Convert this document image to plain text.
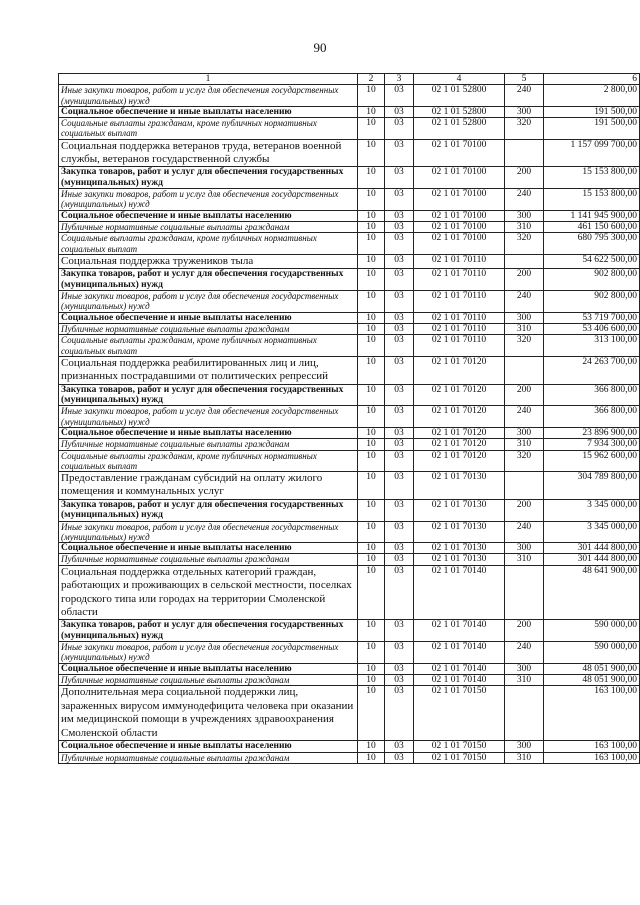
90
1	2	3	4	5	6
Иные закупки товаров, работ и услуг для обеспечения государственных (муниципальных) нужд	10	03	02 1 01 52800	240	2 800,00
Социальное обеспечение и иные выплаты населению	10	03	02 1 01 52800	300	191 500,00
Социальные выплаты гражданам, кроме публичных нормативных социальных выплат	10	03	02 1 01 52800	320	191 500,00
Социальная поддержка ветеранов труда, ветеранов военной службы, ветеранов государственной службы	10	03	02 1 01 70100		1 157 099 700,00
Закупка товаров, работ и услуг для обеспечения государственных (муниципальных) нужд	10	03	02 1 01 70100	200	15 153 800,00
Иные закупки товаров, работ и услуг для обеспечения государственных (муниципальных) нужд	10	03	02 1 01 70100	240	15 153 800,00
Социальное обеспечение и иные выплаты населению	10	03	02 1 01 70100	300	1 141 945 900,00
Публичные нормативные социальные выплаты гражданам	10	03	02 1 01 70100	310	461 150 600,00
Социальные выплаты гражданам, кроме публичных нормативных социальных выплат	10	03	02 1 01 70100	320	680 795 300,00
Социальная поддержка тружеников тыла	10	03	02 1 01 70110		54 622 500,00
Закупка товаров, работ и услуг для обеспечения государственных (муниципальных) нужд	10	03	02 1 01 70110	200	902 800,00
Иные закупки товаров, работ и услуг для обеспечения государственных (муниципальных) нужд	10	03	02 1 01 70110	240	902 800,00
Социальное обеспечение и иные выплаты населению	10	03	02 1 01 70110	300	53 719 700,00
Публичные нормативные социальные выплаты гражданам	10	03	02 1 01 70110	310	53 406 600,00
Социальные выплаты гражданам, кроме публичных нормативных социальных выплат	10	03	02 1 01 70110	320	313 100,00
Социальная поддержка реабилитированных лиц и лиц, признанных пострадавшими от политических репрессий	10	03	02 1 01 70120		24 263 700,00
Закупка товаров, работ и услуг для обеспечения государственных (муниципальных) нужд	10	03	02 1 01 70120	200	366 800,00
Иные закупки товаров, работ и услуг для обеспечения государственных (муниципальных) нужд	10	03	02 1 01 70120	240	366 800,00
Социальное обеспечение и иные выплаты населению	10	03	02 1 01 70120	300	23 896 900,00
Публичные нормативные социальные выплаты гражданам	10	03	02 1 01 70120	310	7 934 300,00
Социальные выплаты гражданам, кроме публичных нормативных социальных выплат	10	03	02 1 01 70120	320	15 962 600,00
Предоставление гражданам субсидий на оплату жилого помещения и коммунальных услуг	10	03	02 1 01 70130		304 789 800,00
Закупка товаров, работ и услуг для обеспечения государственных (муниципальных) нужд	10	03	02 1 01 70130	200	3 345 000,00
Иные закупки товаров, работ и услуг для обеспечения государственных (муниципальных) нужд	10	03	02 1 01 70130	240	3 345 000,00
Социальное обеспечение и иные выплаты населению	10	03	02 1 01 70130	300	301 444 800,00
Публичные нормативные социальные выплаты гражданам	10	03	02 1 01 70130	310	301 444 800,00
Социальная поддержка отдельных категорий граждан, работающих и проживающих в сельской местности, поселках городского типа или городах на территории Смоленской области	10	03	02 1 01 70140		48 641 900,00
Закупка товаров, работ и услуг для обеспечения государственных (муниципальных) нужд	10	03	02 1 01 70140	200	590 000,00
Иные закупки товаров, работ и услуг для обеспечения государственных (муниципальных) нужд	10	03	02 1 01 70140	240	590 000,00
Социальное обеспечение и иные выплаты населению	10	03	02 1 01 70140	300	48 051 900,00
Публичные нормативные социальные выплаты гражданам	10	03	02 1 01 70140	310	48 051 900,00
Дополнительная мера социальной поддержки лиц, зараженных вирусом иммунодефицита человека при оказании им медицинской помощи в учреждениях здравоохранения Смоленской области	10	03	02 1 01 70150		163 100,00
Социальное обеспечение и иные выплаты населению	10	03	02 1 01 70150	300	163 100,00
Публичные нормативные социальные выплаты гражданам	10	03	02 1 01 70150	310	163 100,00
